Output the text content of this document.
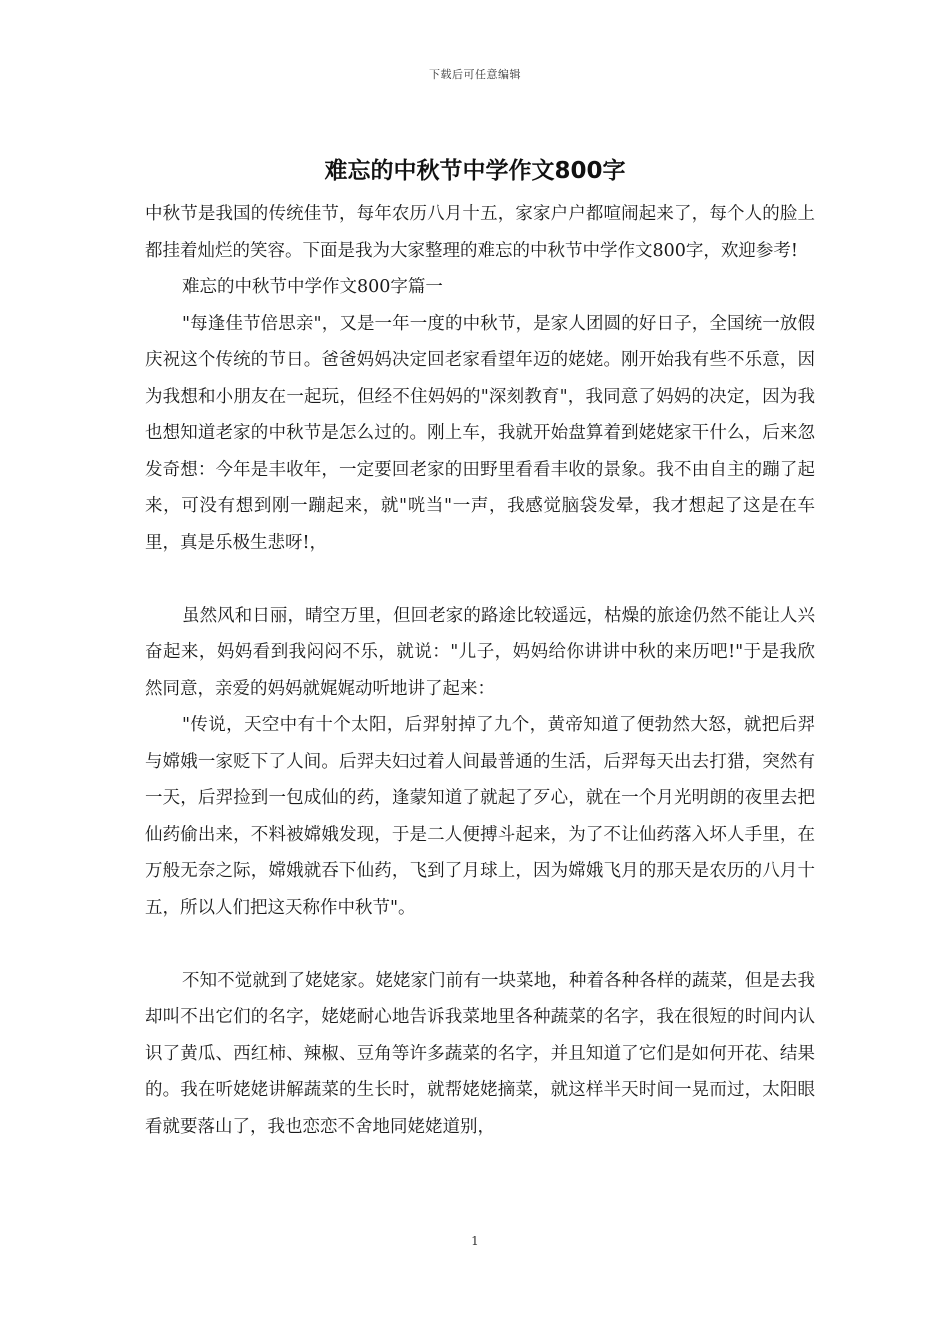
下载后可任意编辑
难忘的中秋节中学作文800字

中秋节是我国的传统佳节，每年农历八月十五，家家户户都喧闹起来了，每个人的脸上都挂着灿烂的笑容。下面是我为大家整理的难忘的中秋节中学作文800字，欢迎参考!

难忘的中秋节中学作文800字篇一

"每逢佳节倍思亲"，又是一年一度的中秋节，是家人团圆的好日子，全国统一放假庆祝这个传统的节日。爸爸妈妈决定回老家看望年迈的姥姥。刚开始我有些不乐意，因为我想和小朋友在一起玩，但经不住妈妈的"深刻教育"，我同意了妈妈的决定，因为我也想知道老家的中秋节是怎么过的。刚上车，我就开始盘算着到姥姥家干什么，后来忽发奇想：今年是丰收年，一定要回老家的田野里看看丰收的景象。我不由自主的蹦了起来，可没有想到刚一蹦起来，就"咣当"一声，我感觉脑袋发晕，我才想起了这是在车里，真是乐极生悲呀!，

虽然风和日丽，晴空万里，但回老家的路途比较遥远，枯燥的旅途仍然不能让人兴奋起来，妈妈看到我闷闷不乐，就说："儿子，妈妈给你讲讲中秋的来历吧!"于是我欣然同意，亲爱的妈妈就娓娓动听地讲了起来：

"传说，天空中有十个太阳，后羿射掉了九个，黄帝知道了便勃然大怒，就把后羿与嫦娥一家贬下了人间。后羿夫妇过着人间最普通的生活，后羿每天出去打猎，突然有一天，后羿捡到一包成仙的药，逢蒙知道了就起了歹心，就在一个月光明朗的夜里去把仙药偷出来，不料被嫦娥发现，于是二人便搏斗起来，为了不让仙药落入坏人手里，在万般无奈之际，嫦娥就吞下仙药，飞到了月球上，因为嫦娥飞月的那天是农历的八月十五，所以人们把这天称作中秋节"。

不知不觉就到了姥姥家。姥姥家门前有一块菜地，种着各种各样的蔬菜，但是去我却叫不出它们的名字，姥姥耐心地告诉我菜地里各种蔬菜的名字，我在很短的时间内认识了黄瓜、西红柿、辣椒、豆角等许多蔬菜的名字，并且知道了它们是如何开花、结果的。我在听姥姥讲解蔬菜的生长时，就帮姥姥摘菜，就这样半天时间一晃而过，太阳眼看就要落山了，我也恋恋不舍地同姥姥道别，

1
